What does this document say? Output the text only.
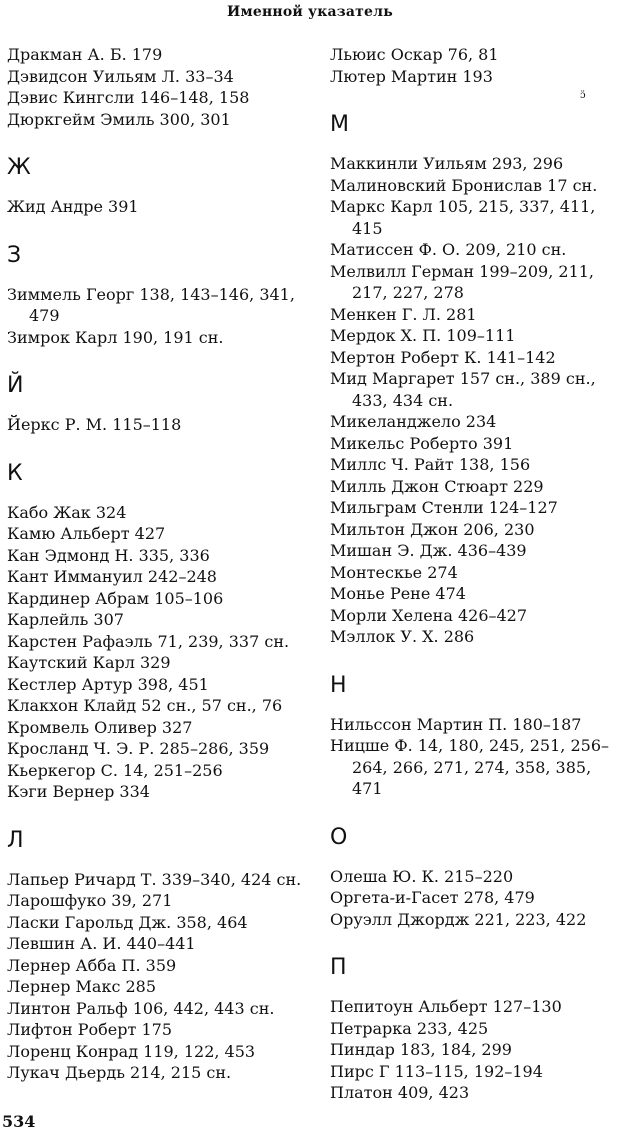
Именной указатель
ɔ̈

Дракман А. Б. 179

Дэвидсон Уильям Л. 33–34

Дэвис Кингсли 146–148, 158

Дюркгейм Эмиль 300, 301

Ж

Жид Андре 391

З

Зиммель Георг 138, 143–146, 341, 479

Зимрок Карл 190, 191 сн.

Й

Йеркс Р. М. 115–118

К

Кабо Жак 324

Камю Альберт 427

Кан Эдмонд Н. 335, 336

Кант Иммануил 242–248

Кардинер Абрам 105–106

Карлейль 307

Карстен Рафаэль 71, 239, 337 сн.

Каутский Карл 329

Кестлер Артур 398, 451

Клакхон Клайд 52 сн., 57 сн., 76

Кромвель Оливер 327

Кросланд Ч. Э. Р. 285–286, 359

Кьеркегор С. 14, 251–256

Кэги Вернер 334

Л

Лапьер Ричард Т. 339–340, 424 сн.

Ларошфуко 39, 271

Ласки Гарольд Дж. 358, 464

Левшин А. И. 440–441

Лернер Абба П. 359

Лернер Макс 285

Линтон Ральф 106, 442, 443 сн.

Лифтон Роберт 175

Лоренц Конрад 119, 122, 453

Лукач Дьердь 214, 215 сн.

Льюис Оскар 76, 81

Лютер Мартин 193

М

Маккинли Уильям 293, 296

Малиновский Бронислав 17 сн.

Маркс Карл 105, 215, 337, 411, 415

Матиссен Ф. О. 209, 210 сн.

Мелвилл Герман 199–209, 211, 217, 227, 278

Менкен Г. Л. 281

Мердок Х. П. 109–111

Мертон Роберт К. 141–142

Мид Маргарет 157 сн., 389 сн., 433, 434 сн.

Микеланджело 234

Микельс Роберто 391

Миллс Ч. Райт 138, 156

Милль Джон Стюарт 229

Мильграм Стенли 124–127

Мильтон Джон 206, 230

Мишан Э. Дж. 436–439

Монтескье 274

Монье Рене 474

Морли Хелена 426–427

Мэллок У. Х. 286

Н

Нильссон Мартин П. 180–187

Ницше Ф. 14, 180, 245, 251, 256–264, 266, 271, 274, 358, 385, 471

О

Олеша Ю. К. 215–220

Оргета-и-Гасет 278, 479

Оруэлл Джордж 221, 223, 422

П

Пепитоун Альберт 127–130

Петрарка 233, 425

Пиндар 183, 184, 299

Пирс Г 113–115, 192–194

Платон 409, 423

534
